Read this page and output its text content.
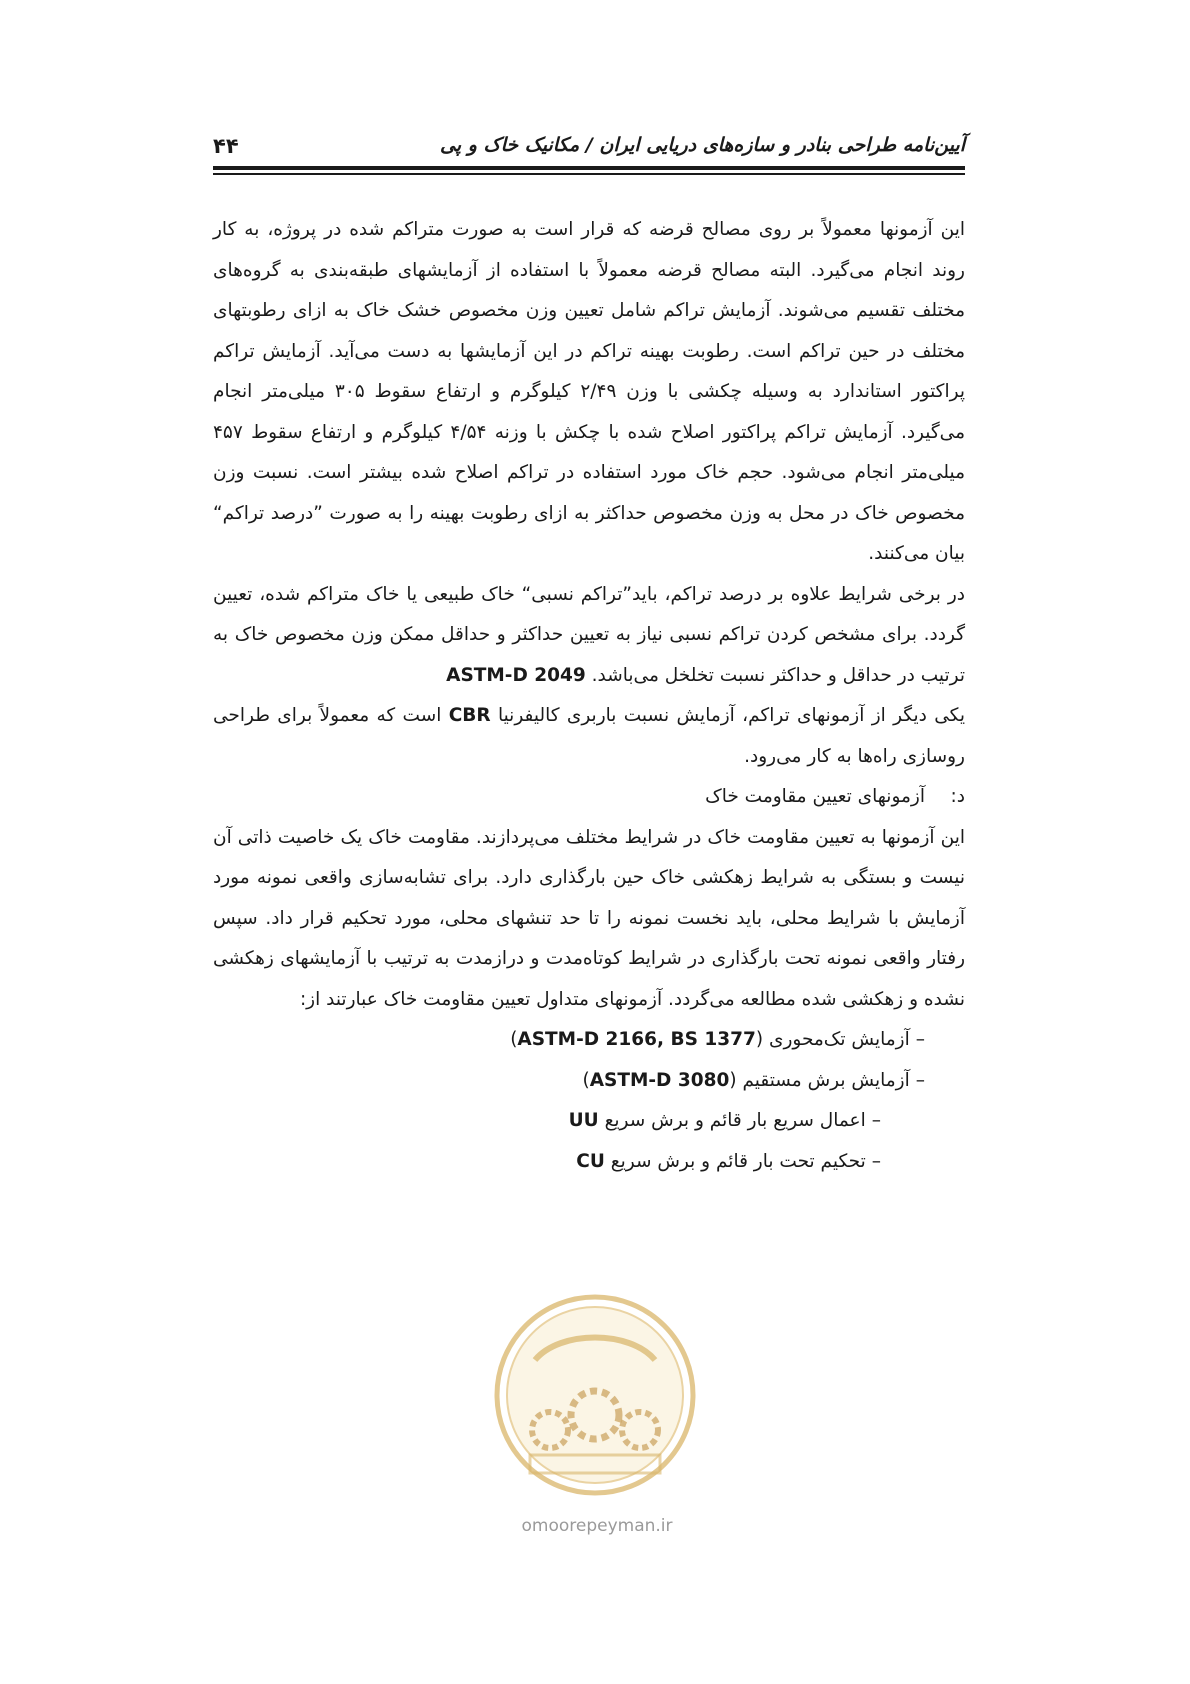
۴۴	آیین‌نامه طراحی بنادر و سازه‌های دریایی ایران / مکانیک خاک و پی

این آزمونها معمولاً بر روی مصالح قرضه که قرار است به صورت متراکم شده در پروژه، به کار روند انجام می‌گیرد. البته مصالح قرضه معمولاً با استفاده از آزمایشهای طبقه‌بندی به گروه‌های مختلف تقسیم می‌شوند. آزمایش تراکم شامل تعیین وزن مخصوص خشک خاک به ازای رطوبتهای مختلف در حین تراکم است. رطوبت بهینه تراکم در این آزمایشها به دست می‌آید. آزمایش تراکم پراکتور استاندارد به وسیله چکشی با وزن ۲/۴۹ کیلوگرم و ارتفاع سقوط ۳۰۵ میلی‌متر انجام می‌گیرد. آزمایش تراکم پراکتور اصلاح شده با چکش با وزنه ۴/۵۴ کیلوگرم و ارتفاع سقوط ۴۵۷ میلی‌متر انجام می‌شود. حجم خاک مورد استفاده در تراکم اصلاح شده بیشتر است. نسبت وزن مخصوص خاک در محل به وزن مخصوص حداکثر به ازای رطوبت بهینه را به صورت ”درصد تراکم“ بیان می‌کنند.

در برخی شرایط علاوه بر درصد تراکم، باید”تراکم نسبی“ خاک طبیعی یا خاک متراکم شده، تعیین گردد. برای مشخص کردن تراکم نسبی نیاز به تعیین حداکثر و حداقل ممکن وزن مخصوص خاک به ترتیب در حداقل و حداکثر نسبت تخلخل می‌باشد. ASTM-D 2049

یکی دیگر از آزمونهای تراکم، آزمایش نسبت باربری کالیفرنیا CBR است که معمولاً برای طراحی روسازی راه‌ها به کار می‌رود.

د:
آزمونهای تعیین مقاومت خاک

این آزمونها به تعیین مقاومت خاک در شرایط مختلف می‌پردازند. مقاومت خاک یک خاصیت ذاتی آن نیست و بستگی به شرایط زهکشی خاک حین بارگذاری دارد. برای تشابه‌سازی واقعی نمونه مورد آزمایش با شرایط محلی، باید نخست نمونه را تا حد تنشهای محلی، مورد تحکیم قرار داد. سپس رفتار واقعی نمونه تحت بارگذاری در شرایط کوتاه‌مدت و درازمدت به ترتیب با آزمایشهای زهکشی نشده و زهکشی شده مطالعه می‌گردد. آزمونهای متداول تعیین مقاومت خاک عبارتند از:

–آزمایش تک‌محوری (ASTM-D 2166, BS 1377)
–آزمایش برش مستقیم (ASTM-D 3080)
–اعمال سریع بار قائم و برش سریع UU
–تحکیم تحت بار قائم و برش سریع CU
omoorepeyman.ir
